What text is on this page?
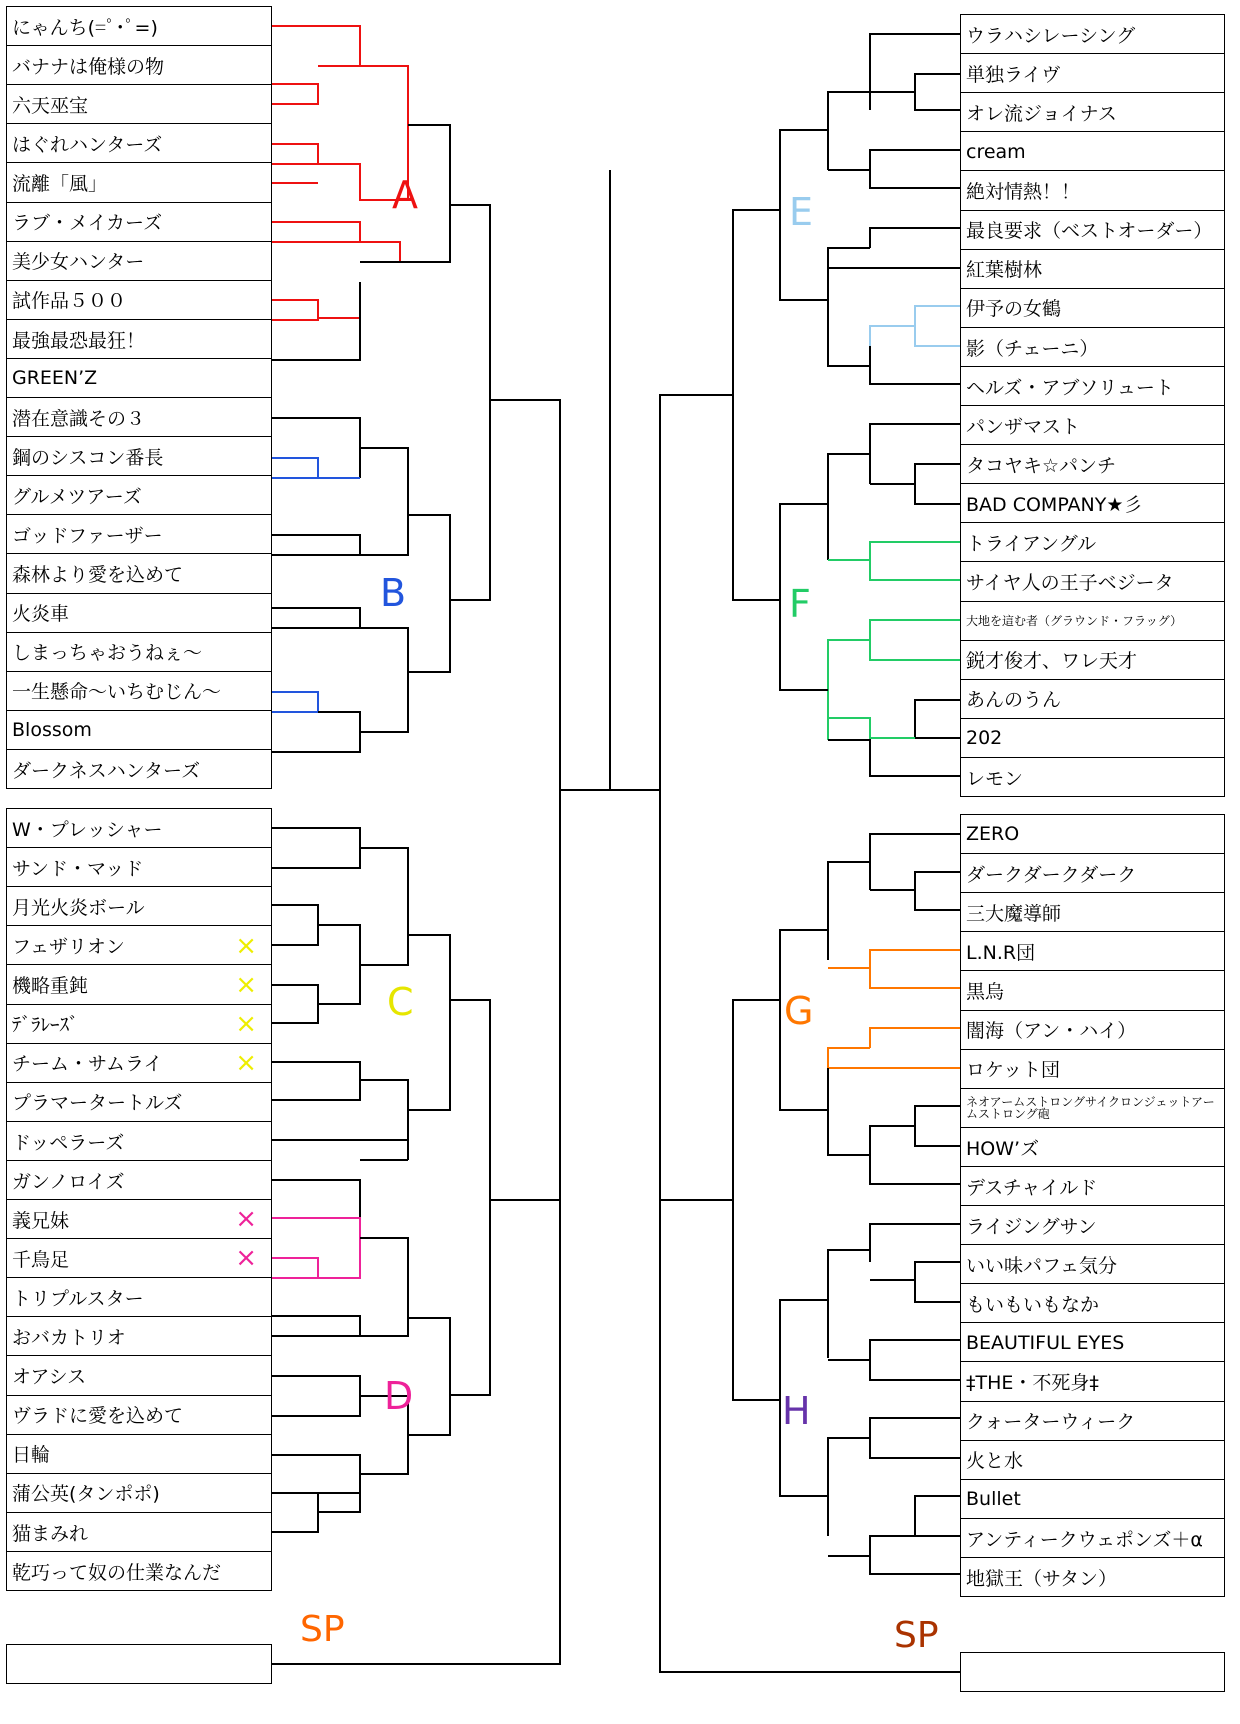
にゃんち(=ﾟ･ﾟ=)
バナナは俺様の物
六天巫宝
はぐれハンターズ
流離「風」
ラブ・メイカーズ
美少女ハンター
試作品５００
最強最恐最狂！
GREEN’Z
潜在意識その３
鋼のシスコン番長
グルメツアーズ
ゴッドファーザー
森林より愛を込めて
火炎車
しまっちゃおうねぇ～
一生懸命～いちむじん～
Blossom
ダークネスハンターズ
W・プレッシャー
サンド・マッド
月光火炎ボール
フェザリオン	×
機略重鈍	×
ﾃﾞﾗﾚｰｽﾞ	×
チーム・サムライ	×
プラマータートルズ
ドッペラーズ
ガンノロイズ
義兄妹	×
千鳥足	×
トリプルスター
おバカトリオ
オアシス
ヴラドに愛を込めて
日輪
蒲公英(タンポポ)
猫まみれ
乾巧って奴の仕業なんだ
ウラハシレーシング
単独ライヴ
オレ流ジョイナス
cream
絶対情熱！！
最良要求（ベストオーダー）
紅葉樹林
伊予の女鶴
影（チェーニ）
ヘルズ・アブソリュート
パンザマスト
タコヤキ☆パンチ
BAD COMPANY★彡
トライアングル
サイヤ人の王子ベジータ
大地を這む者（グラウンド・フラッグ）
鋭才俊才、ワレ天才
あんのうん
202
レモン
ZERO
ダークダークダーク
三大魔導師
L.N.R団
黒烏
闇海（アン・ハイ）
ロケット団
ネオアームストロングサイクロンジェットアームストロング砲
HOW’ズ
デスチャイルド
ライジングサン
いい味パフェ気分
もいもいもなか
BEAUTIFUL EYES
‡THE・不死身‡
クォーターウィーク
火と水
Bullet
アンティークウェポンズ＋α
地獄王（サタン）
A
B
C
D
E
F
G
H
SP	SP
